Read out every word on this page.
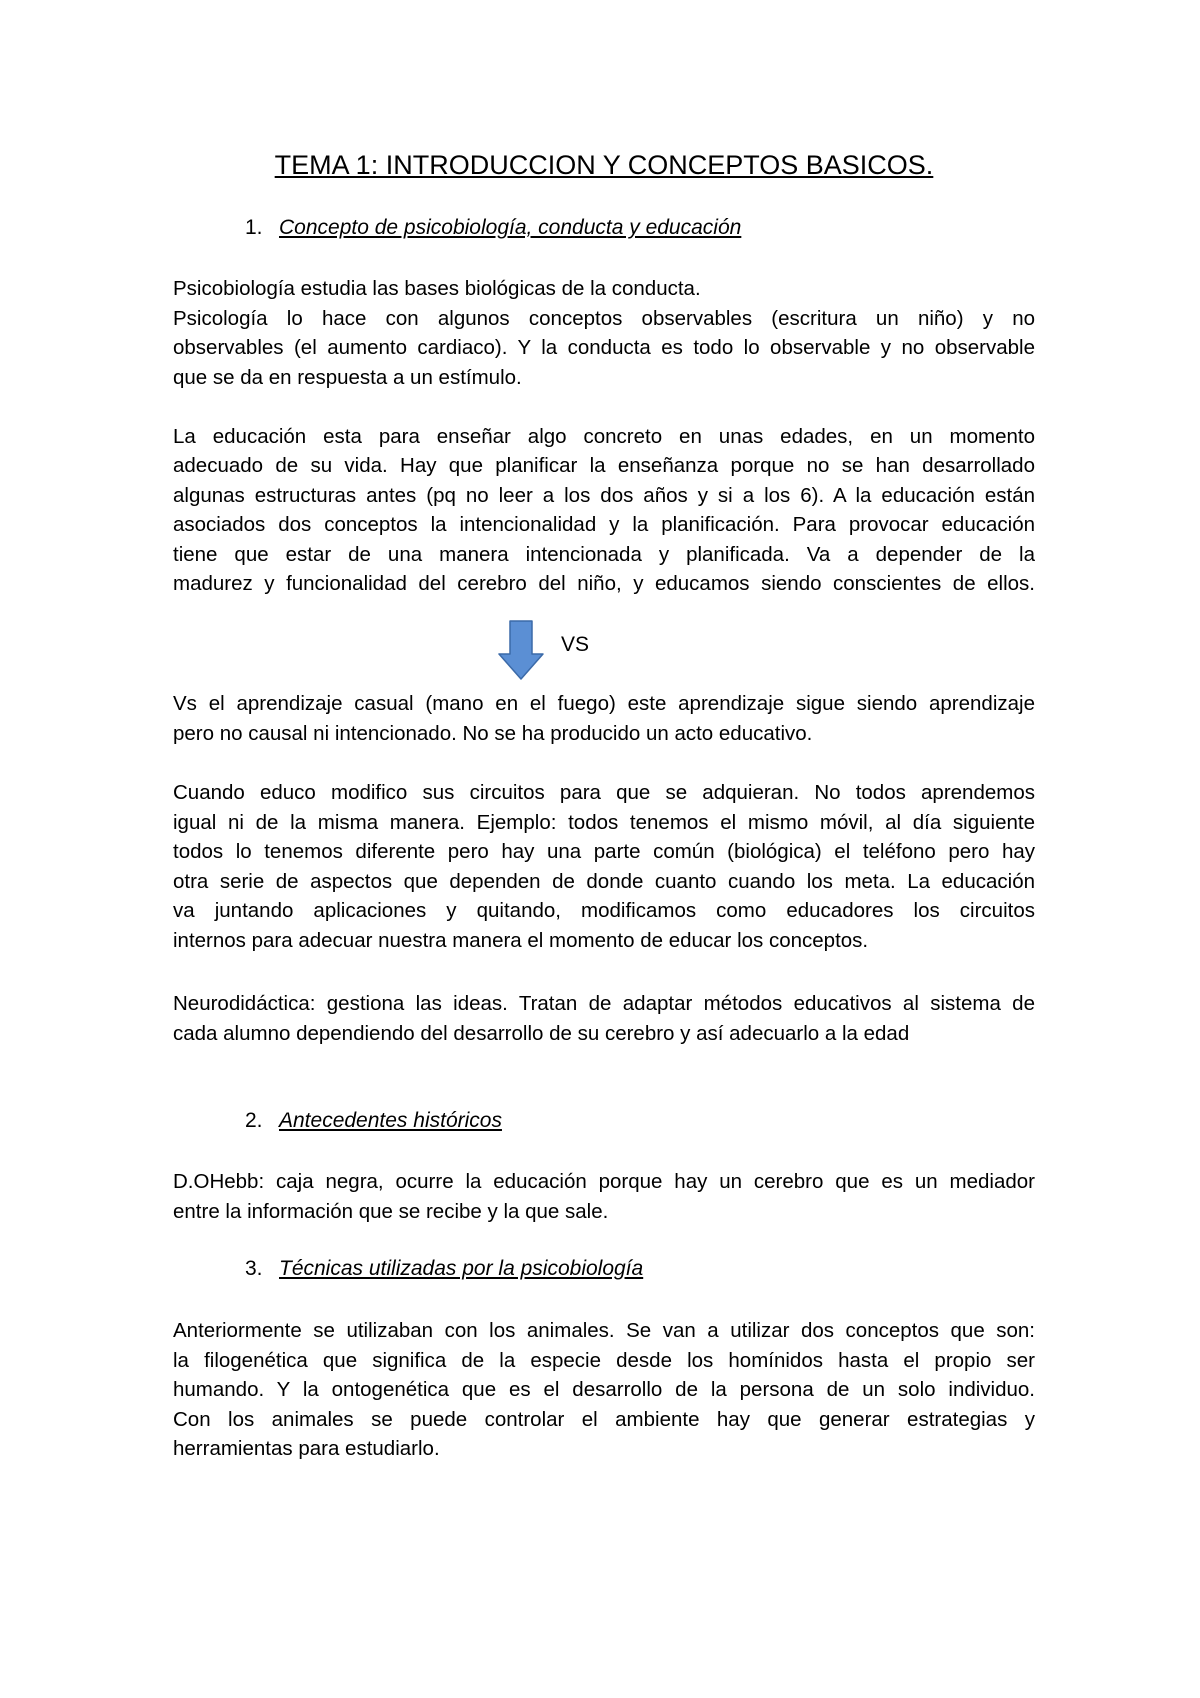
TEMA 1: INTRODUCCION Y CONCEPTOS BASICOS.
1. Concepto de psicobiología, conducta y educación
Psicobiología estudia las bases biológicas de la conducta.
Psicología lo hace con algunos conceptos observables (escritura un niño) y no
observables (el aumento cardiaco). Y la conducta es todo lo observable y no observable
que se da en respuesta a un estímulo.
La educación esta para enseñar algo concreto en unas edades, en un momento
adecuado de su vida. Hay que planificar la enseñanza porque no se han desarrollado
algunas estructuras antes (pq no leer a los dos años y si a los 6). A la educación están
asociados dos conceptos la intencionalidad y la planificación. Para provocar educación
tiene que estar de una manera intencionada y planificada. Va a depender de la
madurez y funcionalidad del cerebro del niño, y educamos siendo conscientes de ellos.
VS
Vs el aprendizaje casual (mano en el fuego) este aprendizaje sigue siendo aprendizaje
pero no causal ni intencionado. No se ha producido un acto educativo.
Cuando educo modifico sus circuitos para que se adquieran. No todos aprendemos
igual ni de la misma manera. Ejemplo: todos tenemos el mismo móvil, al día siguiente
todos lo tenemos diferente pero hay una parte común (biológica) el teléfono pero hay
otra serie de aspectos que dependen de donde cuanto cuando los meta. La educación
va juntando aplicaciones y quitando, modificamos como educadores los circuitos
internos para adecuar nuestra manera el momento de educar los conceptos.
Neurodidáctica: gestiona las ideas. Tratan de adaptar métodos educativos al sistema de
cada alumno dependiendo del desarrollo de su cerebro y así adecuarlo a la edad
2. Antecedentes históricos
D.OHebb: caja negra, ocurre la educación porque hay un cerebro que es un mediador
entre la información que se recibe y la que sale.
3. Técnicas utilizadas por la psicobiología
Anteriormente se utilizaban con los animales. Se van a utilizar dos conceptos que son:
la filogenética que significa de la especie desde los homínidos hasta el propio ser
humando. Y la ontogenética que es el desarrollo de la persona de un solo individuo.
Con los animales se puede controlar el ambiente hay que generar estrategias y
herramientas para estudiarlo.
